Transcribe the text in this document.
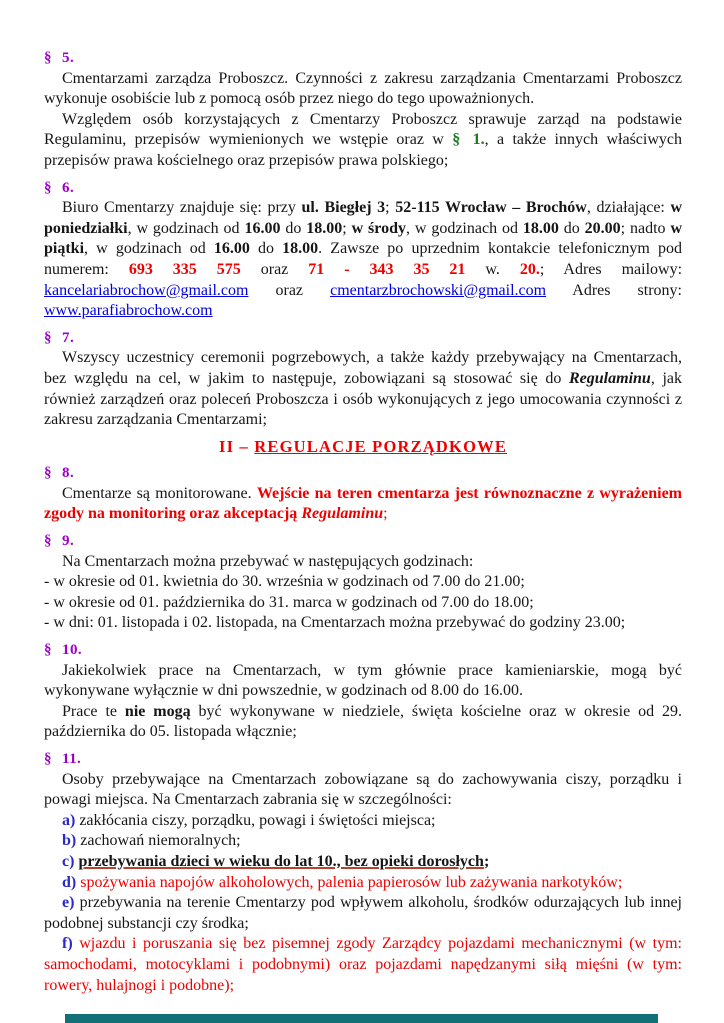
§ 5.

Cmentarzami zarządza Proboszcz. Czynności z zakresu zarządzania Cmentarzami Proboszcz wykonuje osobiście lub z pomocą osób przez niego do tego upoważnionych.

Względem osób korzystających z Cmentarzy Proboszcz sprawuje zarząd na podstawie Regulaminu, przepisów wymienionych we wstępie oraz w § 1., a także innych właściwych przepisów prawa kościelnego oraz przepisów prawa polskiego;

§ 6.

Biuro Cmentarzy znajduje się: przy ul. Biegłej 3; 52-115 Wrocław – Brochów, działające: w poniedziałki, w godzinach od 16.00 do 18.00; w środy, w godzinach od 18.00 do 20.00; nadto w piątki, w godzinach od 16.00 do 18.00. Zawsze po uprzednim kontakcie telefonicznym pod numerem: 693 335 575 oraz 71 - 343 35 21 w. 20.; Adres mailowy: kancelariabrochow@gmail.com oraz cmentarzbrochowski@gmail.com Adres strony: www.parafiabrochow.com

§ 7.

Wszyscy uczestnicy ceremonii pogrzebowych, a także każdy przebywający na Cmentarzach, bez względu na cel, w jakim to następuje, zobowiązani są stosować się do Regulaminu, jak również zarządzeń oraz poleceń Proboszcza i osób wykonujących z jego umocowania czynności z zakresu zarządzania Cmentarzami;

II – REGULACJE PORZĄDKOWE
§ 8.

Cmentarze są monitorowane. Wejście na teren cmentarza jest równoznaczne z wyrażeniem zgody na monitoring oraz akceptacją Regulaminu;

§ 9.

Na Cmentarzach można przebywać w następujących godzinach:

- w okresie od 01. kwietnia do 30. września w godzinach od 7.00 do 21.00;

- w okresie od 01. października do 31. marca w godzinach od 7.00 do 18.00;

- w dni: 01. listopada i 02. listopada, na Cmentarzach można przebywać do godziny 23.00;

§ 10.

Jakiekolwiek prace na Cmentarzach, w tym głównie prace kamieniarskie, mogą być wykonywane wyłącznie w dni powszednie, w godzinach od 8.00 do 16.00.

Prace te nie mogą być wykonywane w niedziele, święta kościelne oraz w okresie od 29. października do 05. listopada włącznie;

§ 11.

Osoby przebywające na Cmentarzach zobowiązane są do zachowywania ciszy, porządku i powagi miejsca. Na Cmentarzach zabrania się w szczególności:

a) zakłócania ciszy, porządku, powagi i świętości miejsca;

b) zachowań niemoralnych;

c) przebywania dzieci w wieku do lat 10., bez opieki dorosłych;

d) spożywania napojów alkoholowych, palenia papierosów lub zażywania narkotyków;

e) przebywania na terenie Cmentarzy pod wpływem alkoholu, środków odurzających lub innej podobnej substancji czy środka;

f) wjazdu i poruszania się bez pisemnej zgody Zarządcy pojazdami mechanicznymi (w tym: samochodami, motocyklami i podobnymi) oraz pojazdami napędzanymi siłą mięśni (w tym: rowery, hulajnogi i podobne);
